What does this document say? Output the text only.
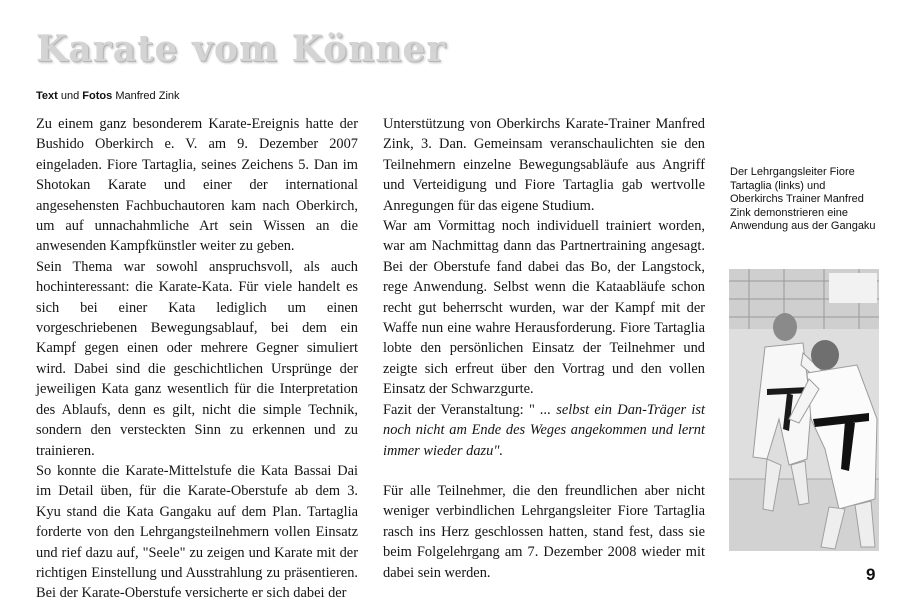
Karate vom Könner
Text und Fotos Manfred Zink

Zu einem ganz besonderem Karate-Ereignis hatte der Bushido Oberkirch e. V. am 9. Dezember 2007 eingeladen. Fiore Tartaglia, seines Zeichens 5. Dan im Shotokan Karate und einer der international angesehensten Fachbuchautoren kam nach Oberkirch, um auf unnachahmliche Art sein Wissen an die anwesenden Kampfkünstler weiter zu geben.

Sein Thema war sowohl anspruchsvoll, als auch hochinteressant: die Karate-Kata. Für viele handelt es sich bei einer Kata lediglich um einen vorgeschriebenen Bewegungsablauf, bei dem ein Kampf gegen einen oder mehrere Gegner simuliert wird. Dabei sind die geschichtlichen Ursprünge der jeweiligen Kata ganz wesentlich für die Interpretation des Ablaufs, denn es gilt, nicht die simple Technik, sondern den versteckten Sinn zu erkennen und zu trainieren.

So konnte die Karate-Mittelstufe die Kata Bassai Dai im Detail üben, für die Karate-Oberstufe ab dem 3. Kyu stand die Kata Gangaku auf dem Plan. Tartaglia forderte von den Lehrgangsteilnehmern vollen Einsatz und rief dazu auf, "Seele" zu zeigen und Karate mit der richtigen Einstellung und Ausstrahlung zu präsentieren. Bei der Karate-Oberstufe versicherte er sich dabei der

Unterstützung von Oberkirchs Karate-Trainer Manfred Zink, 3. Dan. Gemeinsam veranschaulichten sie den Teilnehmern einzelne Bewegungsabläufe aus Angriff und Verteidigung und Fiore Tartaglia gab wertvolle Anregungen für das eigene Studium.

War am Vormittag noch individuell trainiert worden, war am Nachmittag dann das Partnertraining angesagt. Bei der Oberstufe fand dabei das Bo, der Langstock, rege Anwendung. Selbst wenn die Kataabläufe schon recht gut beherrscht wurden, war der Kampf mit der Waffe nun eine wahre Herausforderung. Fiore Tartaglia lobte den persönlichen Einsatz der Teilnehmer und zeigte sich erfreut über den Vortrag und den vollen Einsatz der Schwarzgurte.

Fazit der Veranstaltung: " ... selbst ein Dan-Träger ist noch nicht am Ende des Weges angekommen und lernt immer wieder dazu".

Für alle Teilnehmer, die den freundlichen aber nicht weniger verbindlichen Lehrgangsleiter Fiore Tartaglia rasch ins Herz geschlossen hatten, stand fest, dass sie beim Folgelehrgang am 7. Dezember 2008 wieder mit dabei sein werden.

Der Lehrgangsleiter Fiore Tartaglia (links) und Oberkirchs Trainer Manfred Zink demonstrieren eine Anwendung aus der Gangaku
9
